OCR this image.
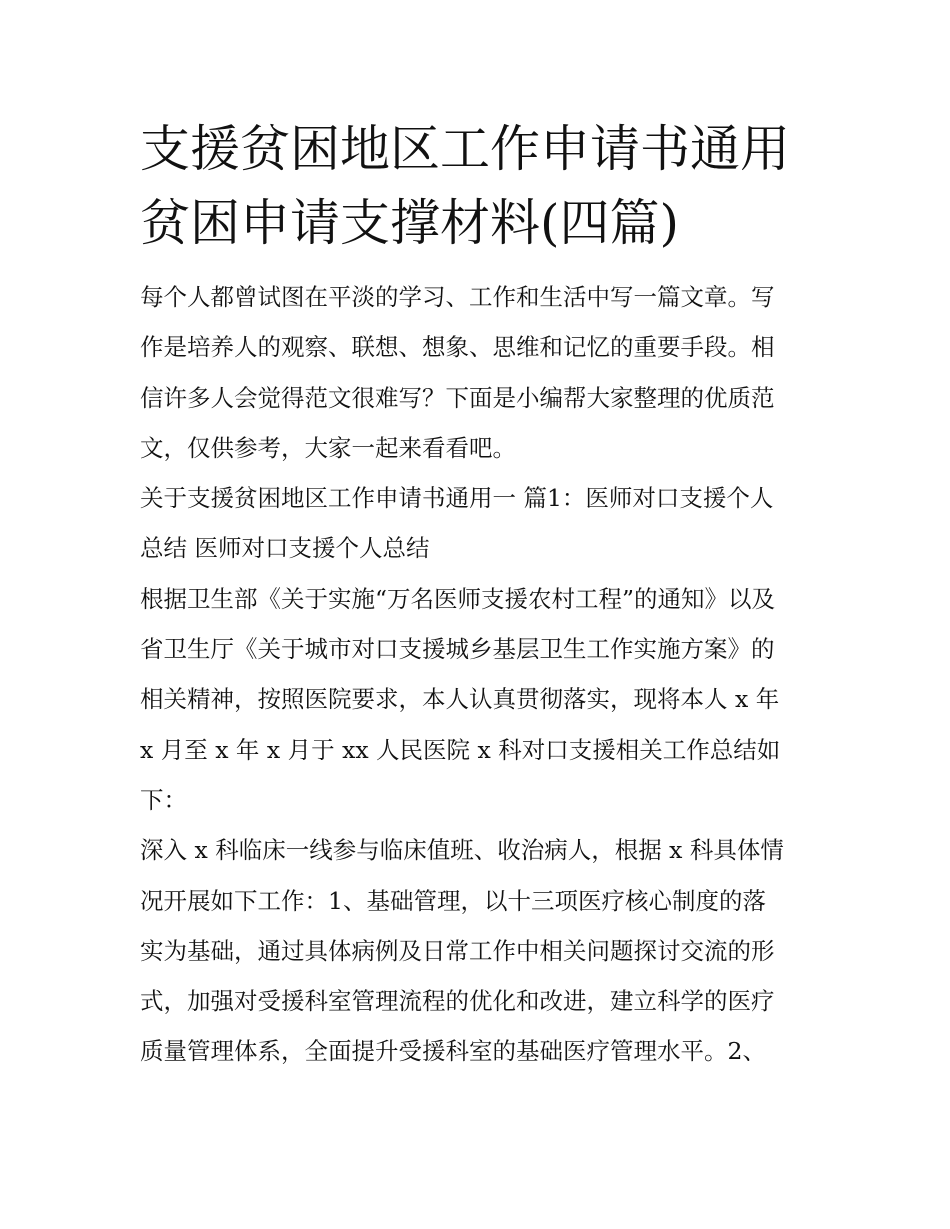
支援贫困地区工作申请书通用
贫困申请支撑材料(四篇)

每个人都曾试图在平淡的学习、工作和生活中写一篇文章。写
作是培养人的观察、联想、想象、思维和记忆的重要手段。相
信许多人会觉得范文很难写？下面是小编帮大家整理的优质范
文，仅供参考，大家一起来看看吧。

关于支援贫困地区工作申请书通用一 篇1：医师对口支援个人
总结 医师对口支援个人总结

根据卫生部《关于实施“万名医师支援农村工程”的通知》以及
省卫生厅《关于城市对口支援城乡基层卫生工作实施方案》的
相关精神，按照医院要求，本人认真贯彻落实，现将本人 x 年
x 月至 x 年 x 月于 xx 人民医院 x 科对口支援相关工作总结如
下：

深入 x 科临床一线参与临床值班、收治病人，根据 x 科具体情
况开展如下工作：1、基础管理，以十三项医疗核心制度的落
实为基础，通过具体病例及日常工作中相关问题探讨交流的形
式，加强对受援科室管理流程的优化和改进，建立科学的医疗
质量管理体系，全面提升受援科室的基础医疗管理水平。2、
